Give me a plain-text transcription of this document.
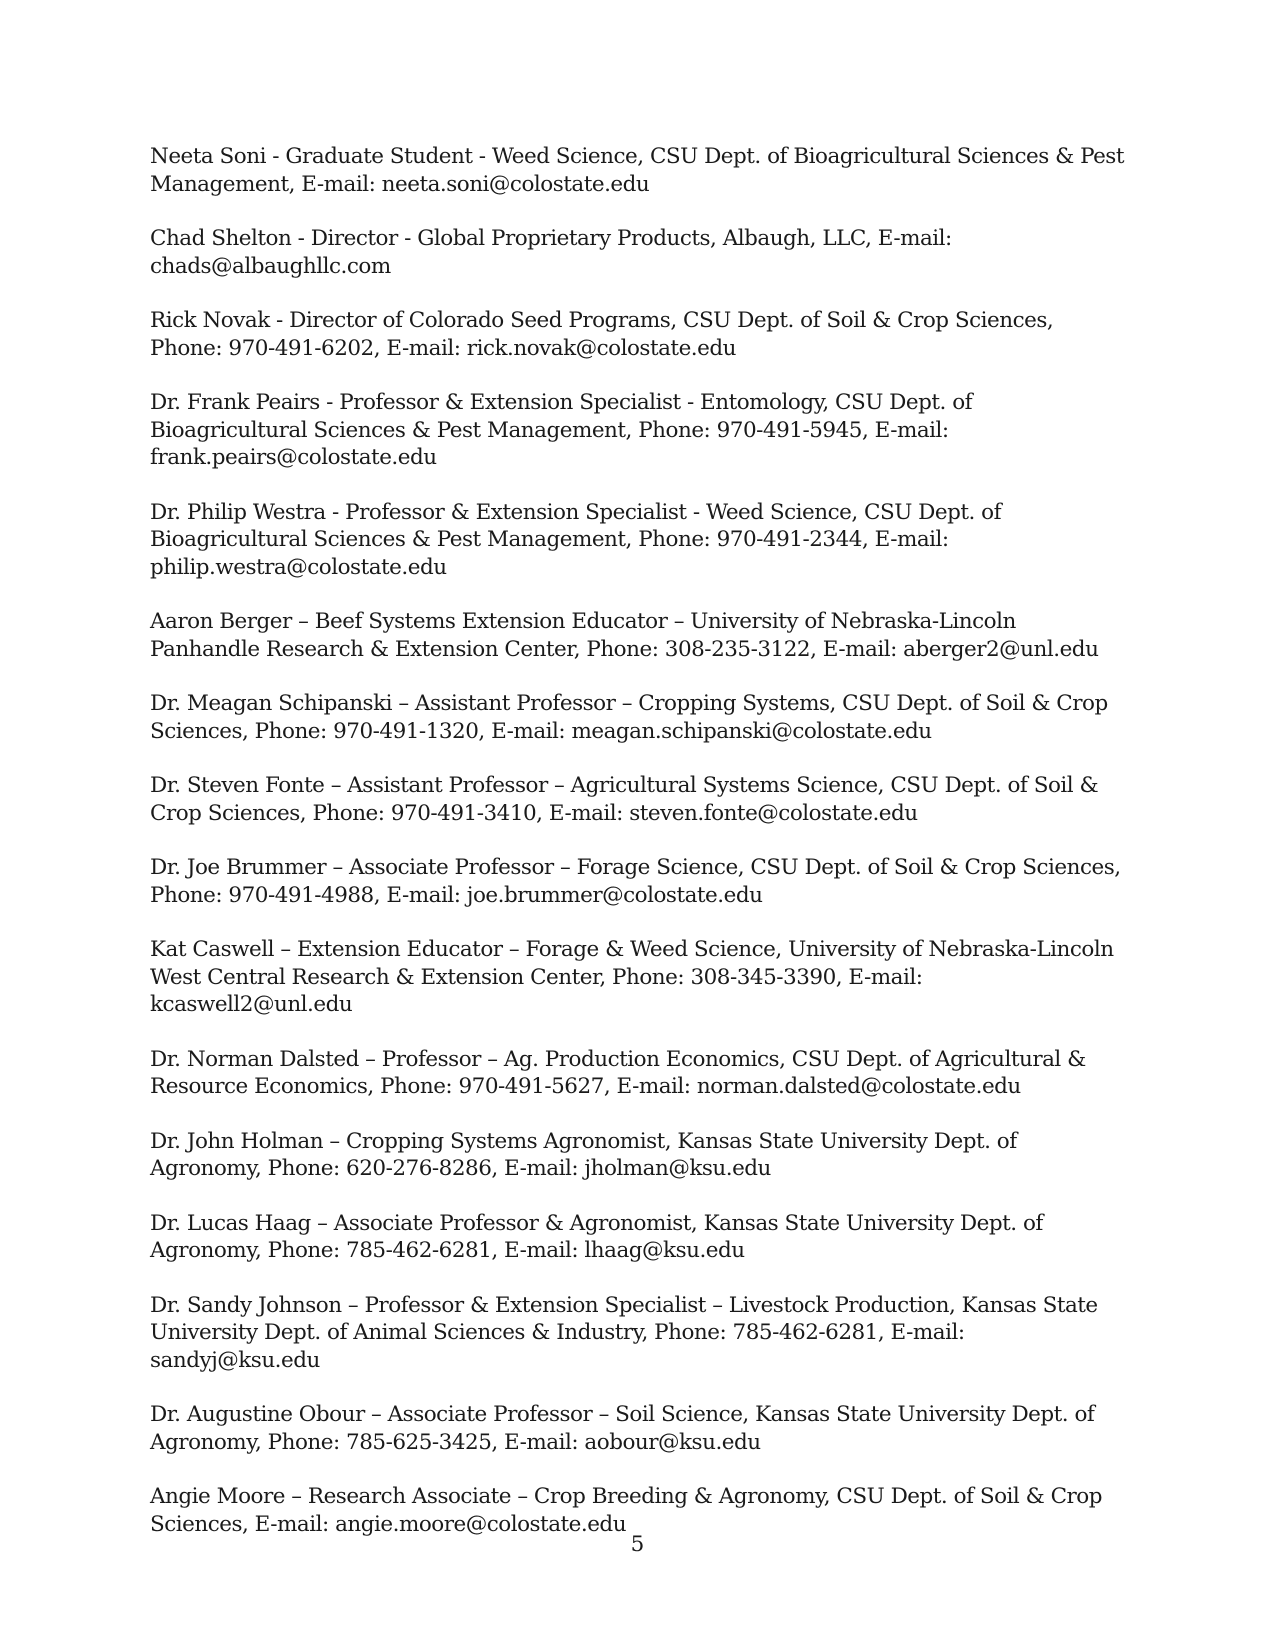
Neeta Soni - Graduate Student - Weed Science, CSU Dept. of Bioagricultural Sciences & Pest Management, E-mail: neeta.soni@colostate.edu

Chad Shelton - Director - Global Proprietary Products, Albaugh, LLC, E-mail: chads@albaughllc.com

Rick Novak - Director of Colorado Seed Programs, CSU Dept. of Soil & Crop Sciences, Phone: 970-491-6202, E-mail: rick.novak@colostate.edu

Dr. Frank Peairs - Professor & Extension Specialist - Entomology, CSU Dept. of Bioagricultural Sciences & Pest Management, Phone: 970-491-5945, E-mail: frank.peairs@colostate.edu

Dr. Philip Westra - Professor & Extension Specialist - Weed Science, CSU Dept. of Bioagricultural Sciences & Pest Management, Phone: 970-491-2344, E-mail: philip.westra@colostate.edu

Aaron Berger – Beef Systems Extension Educator – University of Nebraska-Lincoln Panhandle Research & Extension Center, Phone: 308-235-3122, E-mail: aberger2@unl.edu

Dr. Meagan Schipanski – Assistant Professor – Cropping Systems, CSU Dept. of Soil & Crop Sciences, Phone: 970-491-1320, E-mail: meagan.schipanski@colostate.edu

Dr. Steven Fonte – Assistant Professor – Agricultural Systems Science, CSU Dept. of Soil & Crop Sciences, Phone: 970-491-3410, E-mail: steven.fonte@colostate.edu

Dr. Joe Brummer – Associate Professor – Forage Science, CSU Dept. of Soil & Crop Sciences, Phone: 970-491-4988, E-mail: joe.brummer@colostate.edu

Kat Caswell – Extension Educator – Forage & Weed Science, University of Nebraska-Lincoln West Central Research & Extension Center, Phone: 308-345-3390, E-mail: kcaswell2@unl.edu

Dr. Norman Dalsted – Professor – Ag. Production Economics, CSU Dept. of Agricultural & Resource Economics, Phone: 970-491-5627, E-mail: norman.dalsted@colostate.edu

Dr. John Holman – Cropping Systems Agronomist, Kansas State University Dept. of Agronomy, Phone: 620-276-8286, E-mail: jholman@ksu.edu

Dr. Lucas Haag – Associate Professor & Agronomist, Kansas State University Dept. of Agronomy, Phone: 785-462-6281, E-mail: lhaag@ksu.edu

Dr. Sandy Johnson – Professor & Extension Specialist – Livestock Production, Kansas State University Dept. of Animal Sciences & Industry, Phone: 785-462-6281, E-mail: sandyj@ksu.edu

Dr. Augustine Obour – Associate Professor – Soil Science, Kansas State University Dept. of Agronomy, Phone: 785-625-3425, E-mail: aobour@ksu.edu

Angie Moore – Research Associate – Crop Breeding & Agronomy, CSU Dept. of Soil & Crop Sciences, E-mail: angie.moore@colostate.edu

5
